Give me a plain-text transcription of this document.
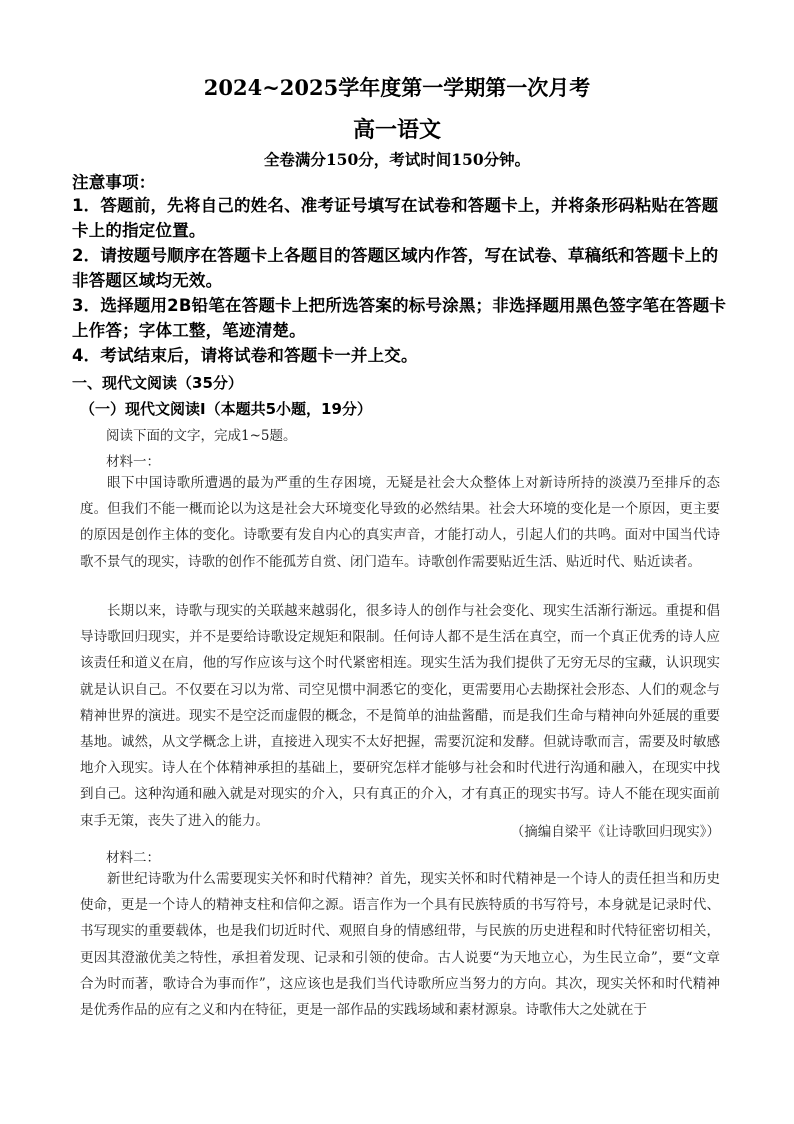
2024~2025学年度第一学期第一次月考
高一语文
全卷满分150分，考试时间150分钟。
注意事项：
1．答题前，先将自己的姓名、准考证号填写在试卷和答题卡上，并将条形码粘贴在答题卡上的指定位置。
2．请按题号顺序在答题卡上各题目的答题区域内作答，写在试卷、草稿纸和答题卡上的非答题区域均无效。
3．选择题用2B铅笔在答题卡上把所选答案的标号涂黑；非选择题用黑色签字笔在答题卡上作答；字体工整，笔迹清楚。
4．考试结束后，请将试卷和答题卡一并上交。
一、现代文阅读（35分）
（一）现代文阅读Ⅰ（本题共5小题，19分）
阅读下面的文字，完成1~5题。
材料一：

眼下中国诗歌所遭遇的最为严重的生存困境，无疑是社会大众整体上对新诗所持的淡漠乃至排斥的态度。但我们不能一概而论以为这是社会大环境变化导致的必然结果。社会大环境的变化是一个原因，更主要的原因是创作主体的变化。诗歌要有发自内心的真实声音，才能打动人，引起人们的共鸣。面对中国当代诗歌不景气的现实，诗歌的创作不能孤芳自赏、闭门造车。诗歌创作需要贴近生活、贴近时代、贴近读者。

长期以来，诗歌与现实的关联越来越弱化，很多诗人的创作与社会变化、现实生活渐行渐远。重提和倡导诗歌回归现实，并不是要给诗歌设定规矩和限制。任何诗人都不是生活在真空，而一个真正优秀的诗人应该责任和道义在肩，他的写作应该与这个时代紧密相连。现实生活为我们提供了无穷无尽的宝藏，认识现实就是认识自己。不仅要在习以为常、司空见惯中洞悉它的变化，更需要用心去勘探社会形态、人们的观念与精神世界的演进。现实不是空泛而虚假的概念，不是简单的油盐酱醋，而是我们生命与精神向外延展的重要基地。诚然，从文学概念上讲，直接进入现实不太好把握，需要沉淀和发酵。但就诗歌而言，需要及时敏感地介入现实。诗人在个体精神承担的基础上，要研究怎样才能够与社会和时代进行沟通和融入，在现实中找到自己。这种沟通和融入就是对现实的介入，只有真正的介入，才有真正的现实书写。诗人不能在现实面前束手无策，丧失了进入的能力。

（摘编自梁平《让诗歌回归现实》）
材料二：

新世纪诗歌为什么需要现实关怀和时代精神？首先，现实关怀和时代精神是一个诗人的责任担当和历史使命，更是一个诗人的精神支柱和信仰之源。语言作为一个具有民族特质的书写符号，本身就是记录时代、书写现实的重要载体，也是我们切近时代、观照自身的情感纽带，与民族的历史进程和时代特征密切相关，更因其澄澈优美之特性，承担着发现、记录和引领的使命。古人说要“为天地立心，为生民立命”，要“文章合为时而著，歌诗合为事而作”，这应该也是我们当代诗歌所应当努力的方向。其次，现实关怀和时代精神是优秀作品的应有之义和内在特征，更是一部作品的实践场域和素材源泉。诗歌伟大之处就在于
